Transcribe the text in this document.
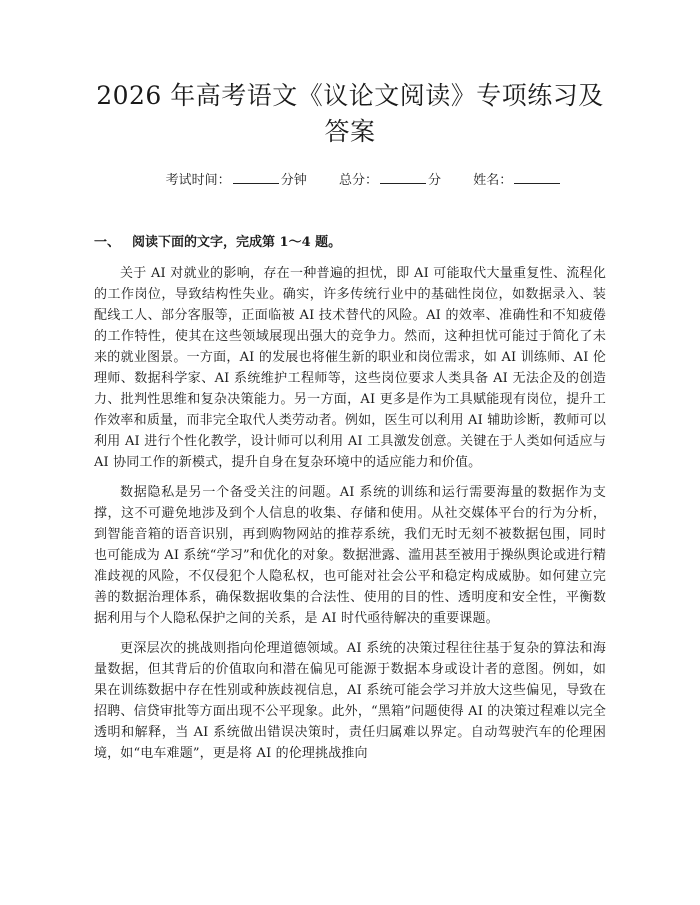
2026 年高考语文《议论文阅读》专项练习及
答案
考试时间：	分钟 总分：	分 姓名：
一、 阅读下面的文字，完成第 1～4 题。

关于 AI 对就业的影响，存在一种普遍的担忧，即 AI 可能取代大量重复性、流程化的工作岗位，导致结构性失业。确实，许多传统行业中的基础性岗位，如数据录入、装配线工人、部分客服等，正面临被 AI 技术替代的风险。AI 的效率、准确性和不知疲倦的工作特性，使其在这些领域展现出强大的竞争力。然而，这种担忧可能过于简化了未来的就业图景。一方面，AI 的发展也将催生新的职业和岗位需求，如 AI 训练师、AI 伦理师、数据科学家、AI 系统维护工程师等，这些岗位要求人类具备 AI 无法企及的创造力、批判性思维和复杂决策能力。另一方面，AI 更多是作为工具赋能现有岗位，提升工作效率和质量，而非完全取代人类劳动者。例如，医生可以利用 AI 辅助诊断，教师可以利用 AI 进行个性化教学，设计师可以利用 AI 工具激发创意。关键在于人类如何适应与 AI 协同工作的新模式，提升自身在复杂环境中的适应能力和价值。

数据隐私是另一个备受关注的问题。AI 系统的训练和运行需要海量的数据作为支撑，这不可避免地涉及到个人信息的收集、存储和使用。从社交媒体平台的行为分析，到智能音箱的语音识别，再到购物网站的推荐系统，我们无时无刻不被数据包围，同时也可能成为 AI 系统“学习”和优化的对象。数据泄露、滥用甚至被用于操纵舆论或进行精准歧视的风险，不仅侵犯个人隐私权，也可能对社会公平和稳定构成威胁。如何建立完善的数据治理体系，确保数据收集的合法性、使用的目的性、透明度和安全性，平衡数据利用与个人隐私保护之间的关系，是 AI 时代亟待解决的重要课题。

更深层次的挑战则指向伦理道德领域。AI 系统的决策过程往往基于复杂的算法和海量数据，但其背后的价值取向和潜在偏见可能源于数据本身或设计者的意图。例如，如果在训练数据中存在性别或种族歧视信息，AI 系统可能会学习并放大这些偏见，导致在招聘、信贷审批等方面出现不公平现象。此外，“黑箱”问题使得 AI 的决策过程难以完全透明和解释，当 AI 系统做出错误决策时，责任归属难以界定。自动驾驶汽车的伦理困境，如“电车难题”，更是将 AI 的伦理挑战推向
